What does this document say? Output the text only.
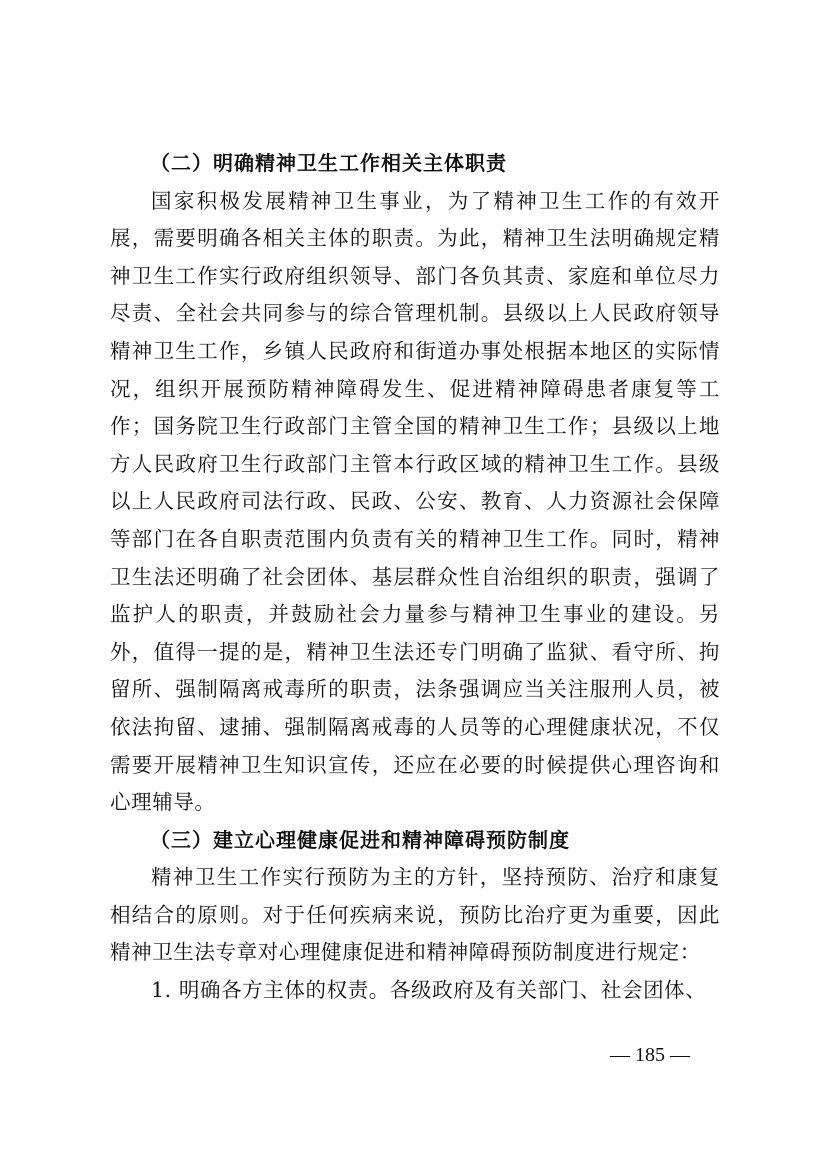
（二）明确精神卫生工作相关主体职责
国家积极发展精神卫生事业，为了精神卫生工作的有效开展，需要明确各相关主体的职责。为此，精神卫生法明确规定精神卫生工作实行政府组织领导、部门各负其责、家庭和单位尽力尽责、全社会共同参与的综合管理机制。县级以上人民政府领导精神卫生工作，乡镇人民政府和街道办事处根据本地区的实际情况，组织开展预防精神障碍发生、促进精神障碍患者康复等工作；国务院卫生行政部门主管全国的精神卫生工作；县级以上地方人民政府卫生行政部门主管本行政区域的精神卫生工作。县级以上人民政府司法行政、民政、公安、教育、人力资源社会保障等部门在各自职责范围内负责有关的精神卫生工作。同时，精神卫生法还明确了社会团体、基层群众性自治组织的职责，强调了监护人的职责，并鼓励社会力量参与精神卫生事业的建设。另外，值得一提的是，精神卫生法还专门明确了监狱、看守所、拘留所、强制隔离戒毒所的职责，法条强调应当关注服刑人员，被依法拘留、逮捕、强制隔离戒毒的人员等的心理健康状况，不仅需要开展精神卫生知识宣传，还应在必要的时候提供心理咨询和心理辅导。
（三）建立心理健康促进和精神障碍预防制度
精神卫生工作实行预防为主的方针，坚持预防、治疗和康复相结合的原则。对于任何疾病来说，预防比治疗更为重要，因此精神卫生法专章对心理健康促进和精神障碍预防制度进行规定：
1. 明确各方主体的权责。各级政府及有关部门、社会团体、
— 185 —
